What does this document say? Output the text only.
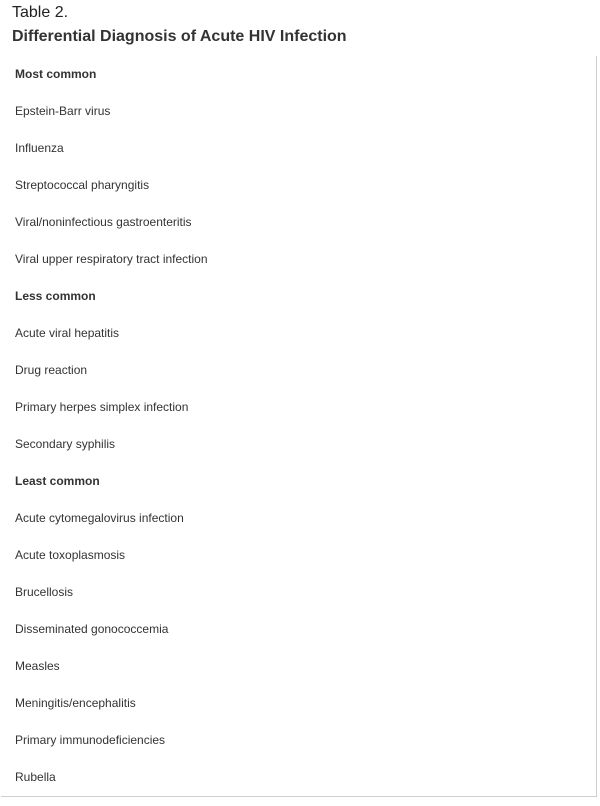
Table 2.
Differential Diagnosis of Acute HIV Infection
Most common
Epstein-Barr virus
Influenza
Streptococcal pharyngitis
Viral/noninfectious gastroenteritis
Viral upper respiratory tract infection
Less common
Acute viral hepatitis
Drug reaction
Primary herpes simplex infection
Secondary syphilis
Least common
Acute cytomegalovirus infection
Acute toxoplasmosis
Brucellosis
Disseminated gonococcemia
Measles
Meningitis/encephalitis
Primary immunodeficiencies
Rubella
